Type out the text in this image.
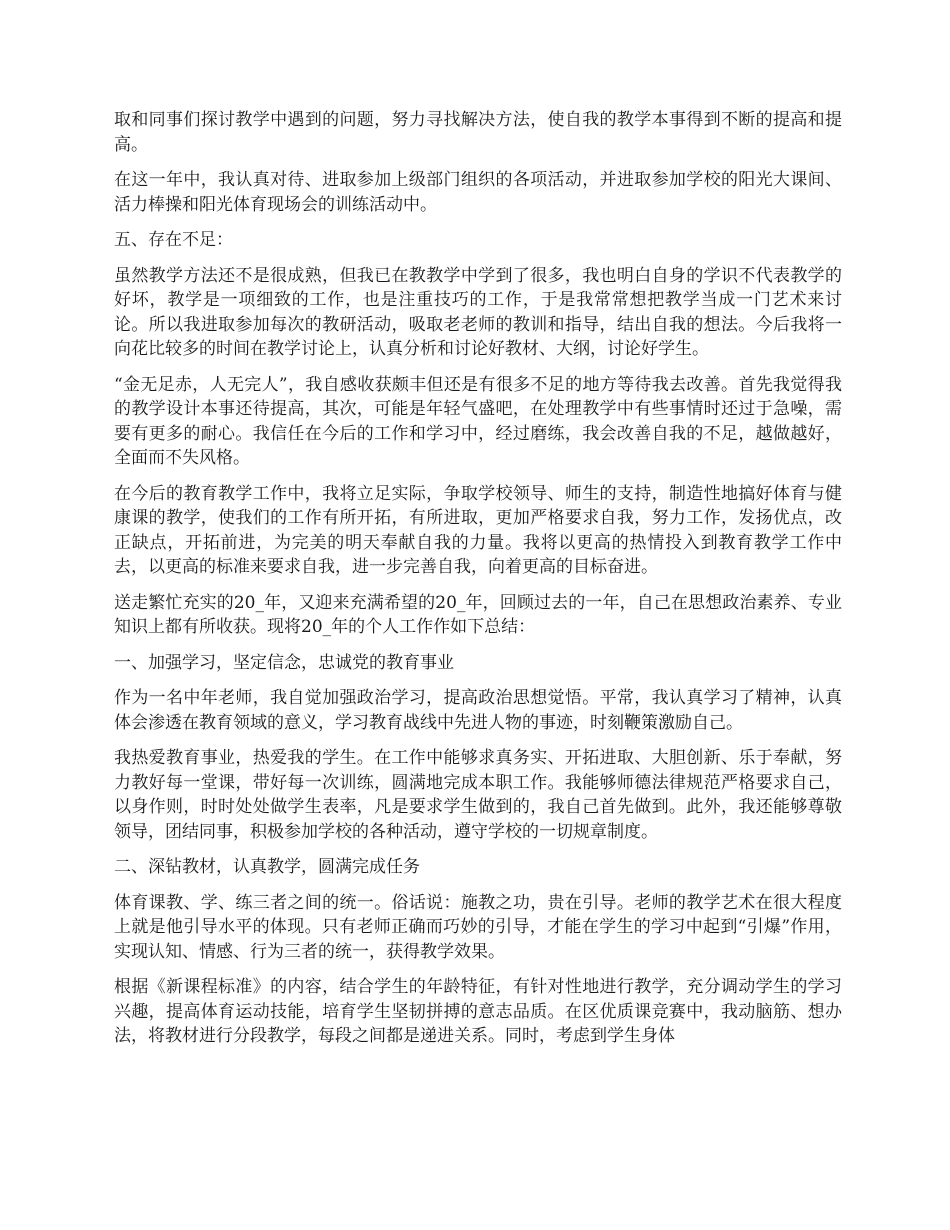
取和同事们探讨教学中遇到的问题，努力寻找解决方法，使自我的教学本事得到不断的提高和提高。

在这一年中，我认真对待、进取参加上级部门组织的各项活动，并进取参加学校的阳光大课间、活力棒操和阳光体育现场会的训练活动中。

五、存在不足：

虽然教学方法还不是很成熟，但我已在教教学中学到了很多，我也明白自身的学识不代表教学的好坏，教学是一项细致的工作，也是注重技巧的工作，于是我常常想把教学当成一门艺术来讨论。所以我进取参加每次的教研活动，吸取老老师的教训和指导，结出自我的想法。今后我将一向花比较多的时间在教学讨论上，认真分析和讨论好教材、大纲，讨论好学生。

“金无足赤，人无完人”，我自感收获颇丰但还是有很多不足的地方等待我去改善。首先我觉得我的教学设计本事还待提高，其次，可能是年轻气盛吧，在处理教学中有些事情时还过于急噪，需要有更多的耐心。我信任在今后的工作和学习中，经过磨练，我会改善自我的不足，越做越好，全面而不失风格。

在今后的教育教学工作中，我将立足实际，争取学校领导、师生的支持，制造性地搞好体育与健康课的教学，使我们的工作有所开拓，有所进取，更加严格要求自我，努力工作，发扬优点，改正缺点，开拓前进，为完美的明天奉献自我的力量。我将以更高的热情投入到教育教学工作中去，以更高的标准来要求自我，进一步完善自我，向着更高的目标奋进。

送走繁忙充实的20_年，又迎来充满希望的20_年，回顾过去的一年，自己在思想政治素养、专业知识上都有所收获。现将20_年的个人工作作如下总结：

一、加强学习，坚定信念，忠诚党的教育事业

作为一名中年老师，我自觉加强政治学习，提高政治思想觉悟。平常，我认真学习了精神，认真体会渗透在教育领域的意义，学习教育战线中先进人物的事迹，时刻鞭策激励自己。

我热爱教育事业，热爱我的学生。在工作中能够求真务实、开拓进取、大胆创新、乐于奉献，努力教好每一堂课，带好每一次训练，圆满地完成本职工作。我能够师德法律规范严格要求自己，以身作则，时时处处做学生表率，凡是要求学生做到的，我自己首先做到。此外，我还能够尊敬领导，团结同事，积极参加学校的各种活动，遵守学校的一切规章制度。

二、深钻教材，认真教学，圆满完成任务

体育课教、学、练三者之间的统一。俗话说：施教之功，贵在引导。老师的教学艺术在很大程度上就是他引导水平的体现。只有老师正确而巧妙的引导，才能在学生的学习中起到“引爆”作用，实现认知、情感、行为三者的统一，获得教学效果。

根据《新课程标准》的内容，结合学生的年龄特征，有针对性地进行教学，充分调动学生的学习兴趣，提高体育运动技能，培育学生坚韧拼搏的意志品质。在区优质课竞赛中，我动脑筋、想办法，将教材进行分段教学，每段之间都是递进关系。同时，考虑到学生身体
